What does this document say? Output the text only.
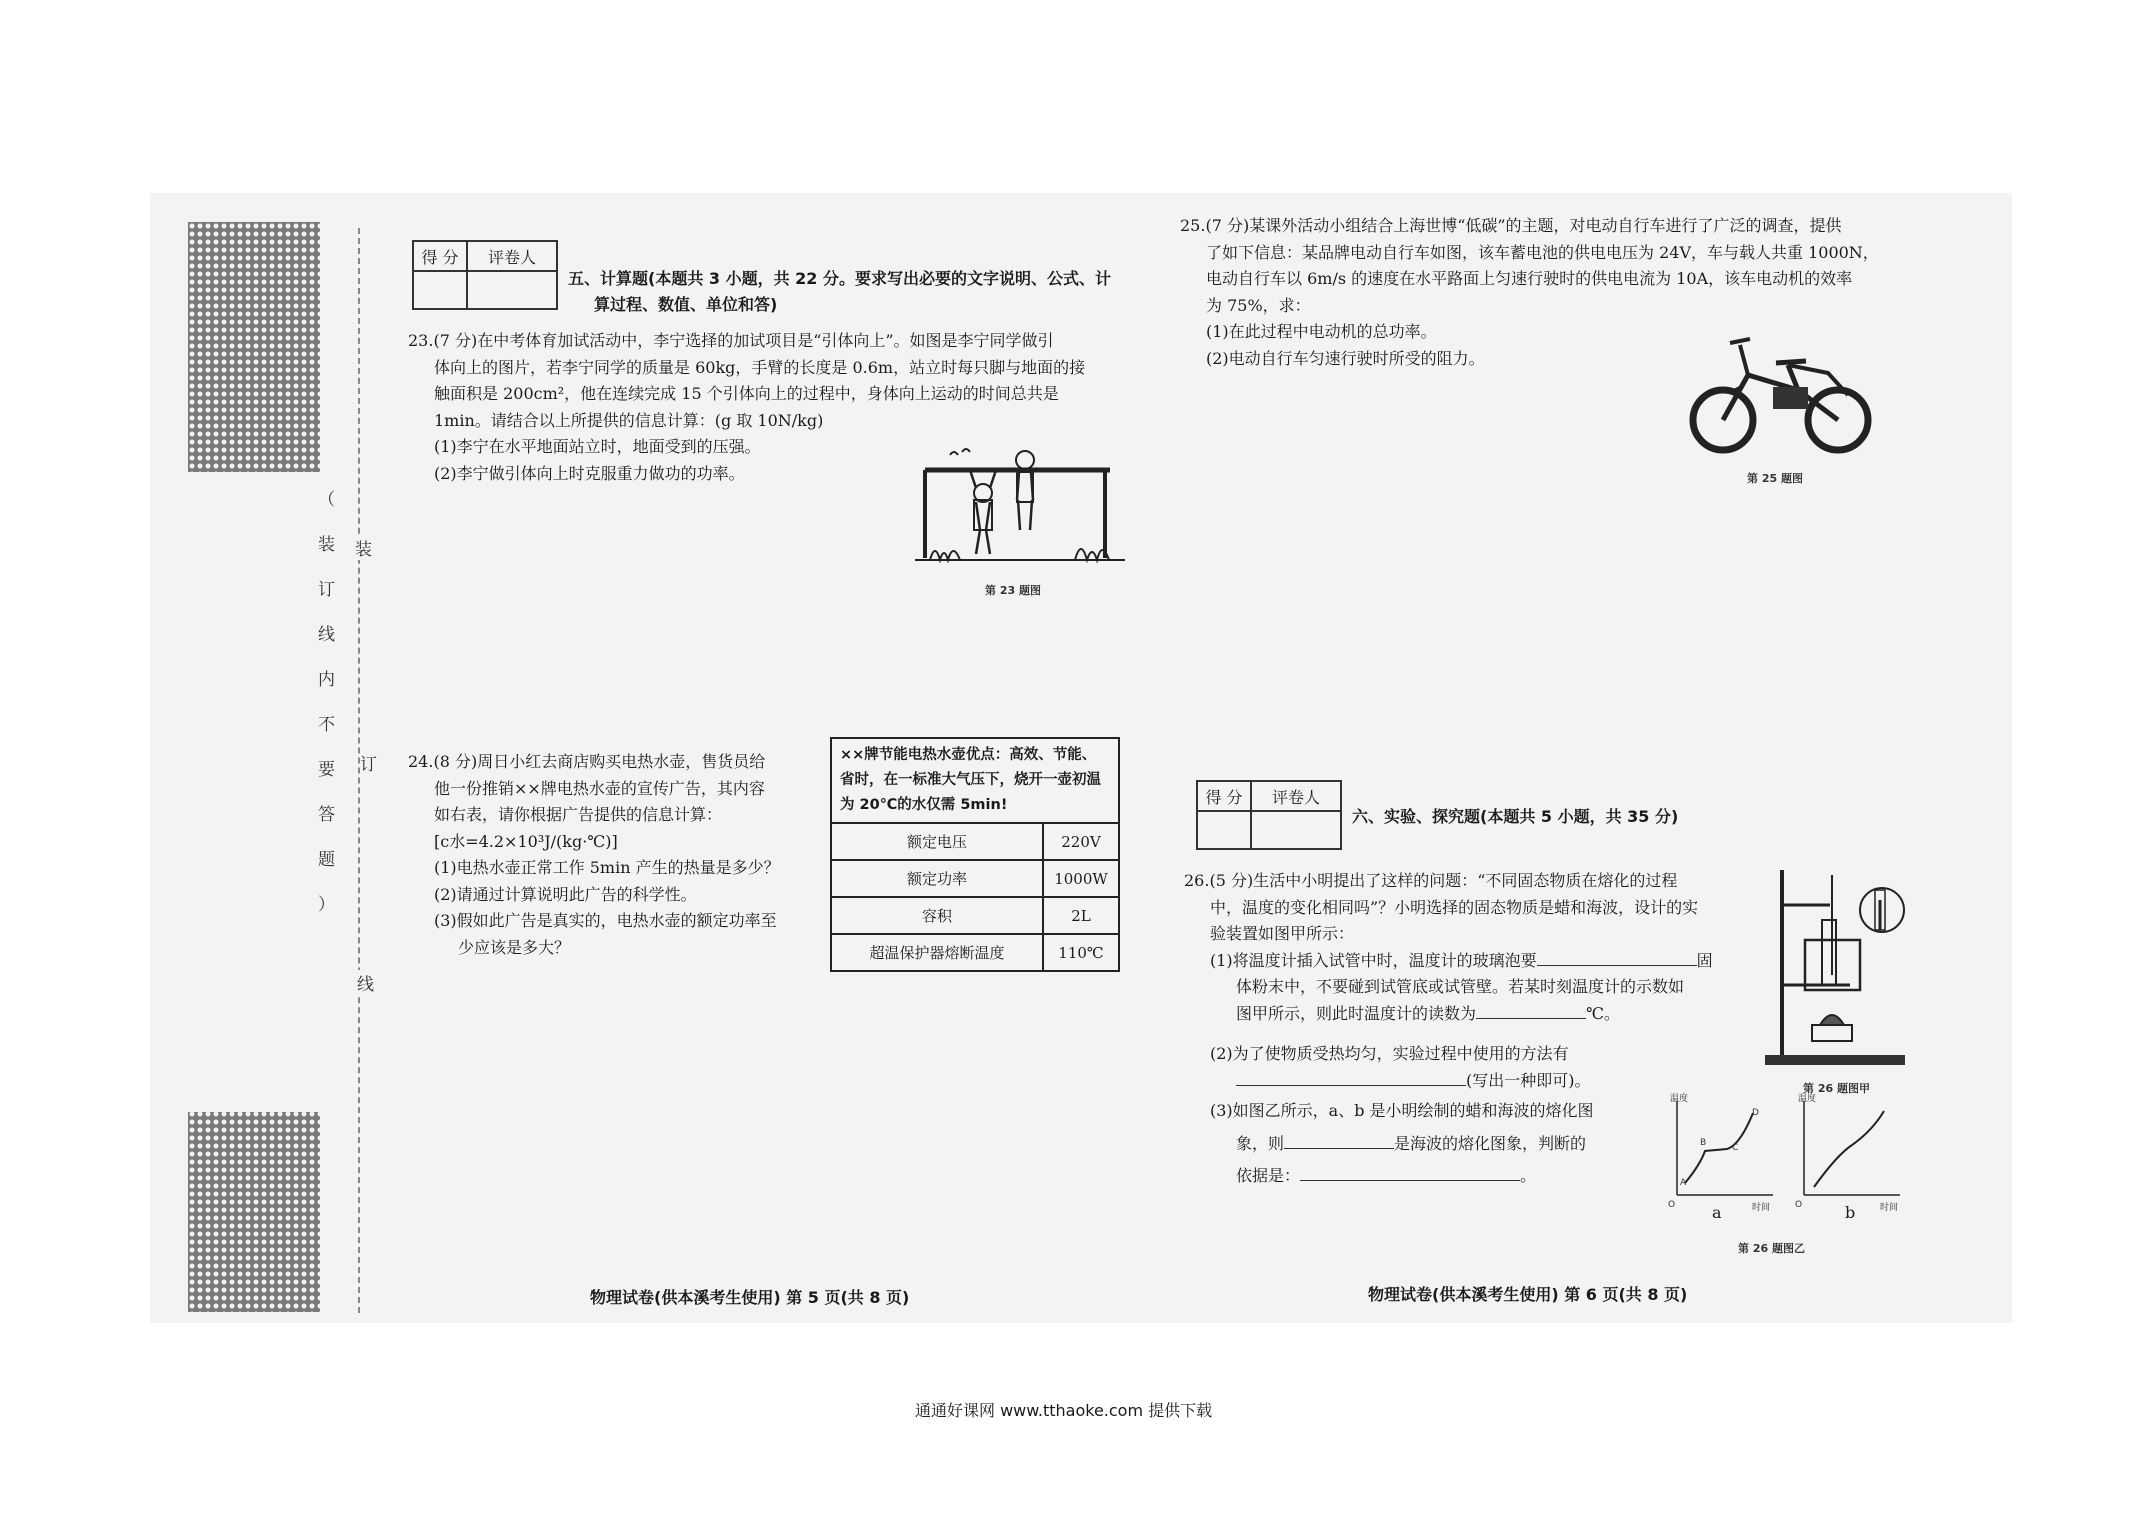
（
装
订
线
内
不
要
答
题
）
装
订
线
得 分	评卷人

五、计算题(本题共 3 小题，共 22 分。要求写出必要的文字说明、公式、计
算过程、数值、单位和答)
23.(7 分)在中考体育加试活动中，李宁选择的加试项目是“引体向上”。如图是李宁同学做引
体向上的图片，若李宁同学的质量是 60kg，手臂的长度是 0.6m，站立时每只脚与地面的接
触面积是 200cm²，他在连续完成 15 个引体向上的过程中，身体向上运动的时间总共是
1min。请结合以上所提供的信息计算：(g 取 10N/kg)
(1)李宁在水平地面站立时，地面受到的压强。
(2)李宁做引体向上时克服重力做功的功率。
第 23 题图
24.(8 分)周日小红去商店购买电热水壶，售货员给
他一份推销××牌电热水壶的宣传广告，其内容
如右表，请你根据广告提供的信息计算：
[c水=4.2×10³J/(kg·℃)]
(1)电热水壶正常工作 5min 产生的热量是多少？
(2)请通过计算说明此广告的科学性。
(3)假如此广告是真实的，电热水壶的额定功率至
少应该是多大？
××牌节能电热水壶优点：高效、节能、省时，在一标准大气压下，烧开一壶初温为 20℃的水仅需 5min!	
额定电压	220V
额定功率	1000W
容积	2L
超温保护器熔断温度	110℃
物理试卷(供本溪考生使用) 第 5 页(共 8 页)
25.(7 分)某课外活动小组结合上海世博“低碳”的主题，对电动自行车进行了广泛的调查，提供
了如下信息：某品牌电动自行车如图，该车蓄电池的供电电压为 24V，车与载人共重 1000N，
电动自行车以 6m/s 的速度在水平路面上匀速行驶时的供电电流为 10A，该车电动机的效率
为 75%，求：
(1)在此过程中电动机的总功率。
(2)电动自行车匀速行驶时所受的阻力。
第 25 题图
得 分	评卷人

六、实验、探究题(本题共 5 小题，共 35 分)
26.(5 分)生活中小明提出了这样的问题：“不同固态物质在熔化的过程
中，温度的变化相同吗”？小明选择的固态物质是蜡和海波，设计的实
验装置如图甲所示：
(1)将温度计插入试管中时，温度计的玻璃泡要	固
体粉末中，不要碰到试管底或试管壁。若某时刻温度计的示数如
图甲所示，则此时温度计的读数为	℃。
(2)为了使物质受热均匀，实验过程中使用的方法有
(写出一种即可)。
(3)如图乙所示，a、b 是小明绘制的蜡和海波的熔化图
象，则	是海波的熔化图象，判断的
依据是：	。
第 26 题图甲
温度
时间
O
A
B	C
D
a
温度
时间
O	b
第 26 题图乙
物理试卷(供本溪考生使用) 第 6 页(共 8 页)
通通好课网 www.tthaoke.com 提供下载
